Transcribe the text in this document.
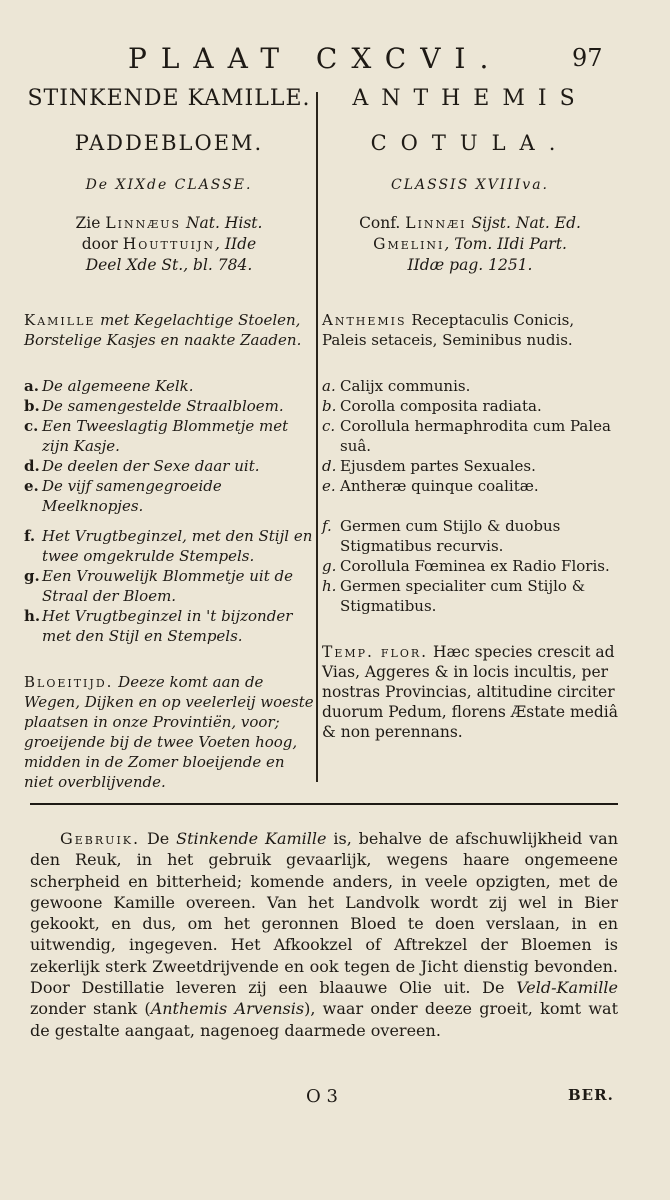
PLAAT CXCVI.	97
STINKENDE KAMILLE.
PADDEBLOEM.
De XIXde CLASSE.
Zie Linnæus Nat. Hist.
door Houttuijn, IIde
Deel Xde St., bl. 784.
Kamille met Kegelachtige Stoelen, Borstelige Kasjes en naakte Zaaden.
a. De algemeene Kelk.
b. De samengestelde Straalbloem.
c. Een Tweeslagtig Blommetje met zijn Kasje.
d. De deelen der Sexe daar uit.
e. De vijf samengegroeide Meelknopjes.
f. Het Vrugtbeginzel, met den Stijl en twee omgekrulde Stempels.
g. Een Vrouwelijk Blommetje uit de Straal der Bloem.
h. Het Vrugtbeginzel in 't bijzonder met den Stijl en Stempels.
Bloeitijd. Deeze komt aan de Wegen, Dijken en op veelerleij woeste plaatsen in onze Provintiën, voor; groeijende bij de twee Voeten hoog, midden in de Zomer bloeijende en niet overblijvende.
ANTHEMIS
COTULA.
CLASSIS XVIIIva.
Conf. Linnæi Sijst. Nat. Ed.
Gmelini, Tom. IIdi Part.
IIdæ pag. 1251.
Anthemis Receptaculis Conicis, Paleis setaceis, Seminibus nudis.
a. Calijx communis.
b. Corolla composita radiata.
c. Corollula hermaphrodita cum Palea suâ.
d. Ejusdem partes Sexuales.
e. Antheræ quinque coalitæ.
f. Germen cum Stijlo & duobus Stigmatibus recurvis.
g. Corollula Fœminea ex Radio Floris.
h. Germen specialiter cum Stijlo & Stigmatibus.
Temp. flor. Hæc species crescit ad Vias, Aggeres & in locis incultis, per nostras Provincias, altitudine circiter duorum Pedum, florens Æstate mediâ & non perennans.
Gebruik. De Stinkende Kamille is, behalve de afschuwlijkheid van den Reuk, in het gebruik gevaarlijk, wegens haare ongemeene scherpheid en bitterheid; komende anders, in veele opzigten, met de gewoone Kamille overeen. Van het Landvolk wordt zij wel in Bier gekookt, en dus, om het geronnen Bloed te doen verslaan, in en uitwendig, ingegeven. Het Afkookzel of Aftrekzel der Bloemen is zekerlijk sterk Zweetdrijvende en ook tegen de Jicht dienstig bevonden. Door Destillatie leveren zij een blaauwe Olie uit. De Veld-Kamille zonder stank (Anthemis Arvensis), waar onder deeze groeit, komt wat de gestalte aangaat, nagenoeg daarmede overeen.
O 3	BER.
